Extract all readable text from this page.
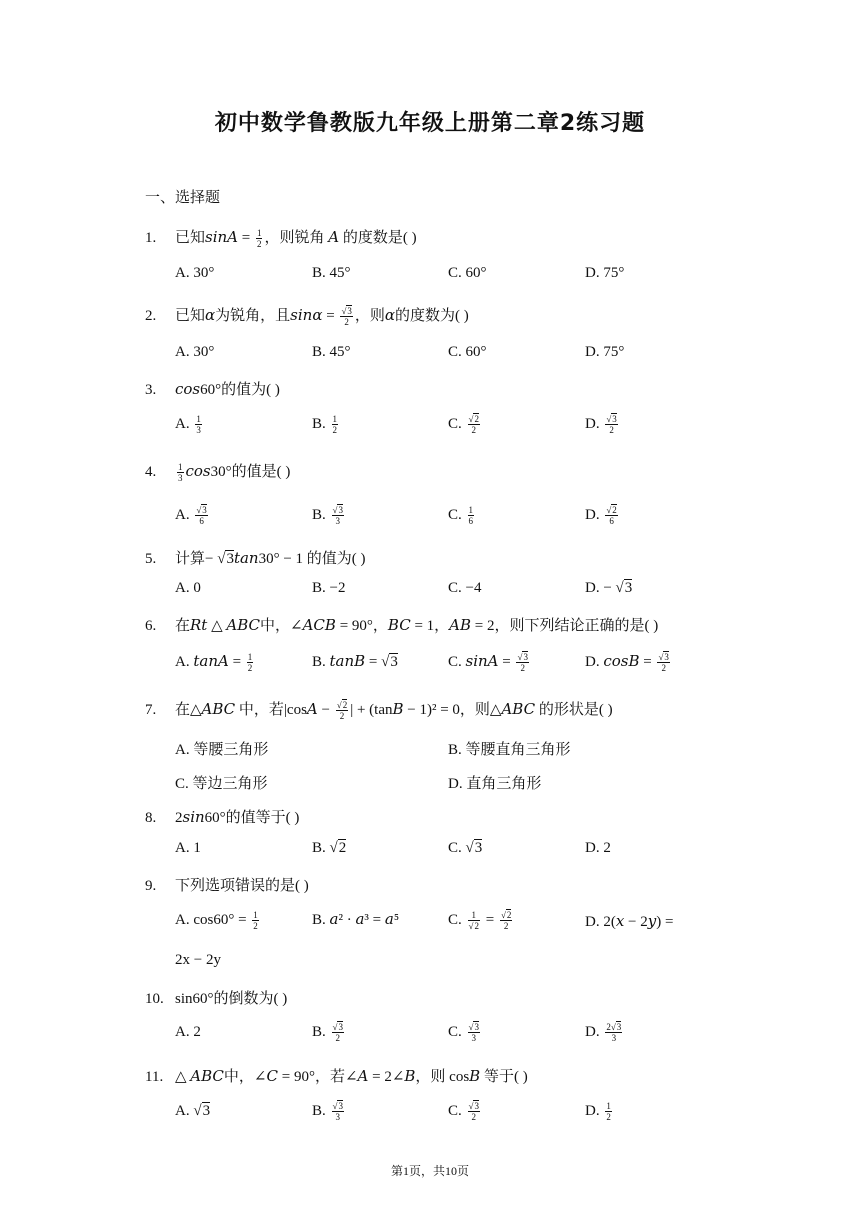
初中数学鲁教版九年级上册第二章2练习题
一、选择题
1. 已知$\sin A = \frac{1}{2}$ ，则锐角 A 的度数是( )
A. 30°	B. 45°	C. 60°	D. 75°
2. 已知α为锐角，且$\sin\alpha = \frac{√3}{2}$ ，则α的度数为( )
A. 30°	B. 45°	C. 60°	D. 75°
3. cos60°的值为( )
A. $\frac{1}{3}$	B. $\frac{1}{2}$	C. $\frac{√2}{2}$	D. $\frac{√3}{2}$
4. $\frac{1}{3} \cos 30^\circ$的值是( )
A. $\frac{√3}{6}$	B. $\frac{√3}{3}$	C. $\frac{1}{6}$	D. $\frac{√2}{6}$
5. 计算− √3tan30° − 1 的值为( )
A. 0	B. −2	C. −4	D. − √3
6. 在Rt △ ABC中，∠ACB = 90°，BC = 1，AB = 2，则下列结论正确的是( )
A. $\tan A = \frac{1}{2}$	B. tanB = √3	C. $\sin A = \frac{√3}{2}$	D. $\cos B = \frac{√3}{2}$
7. 在△ABC 中，若$|\cos A - \frac{√2}{2}$ | + (tanB − 1)² = 0，则△ABC 的形状是( )
A. 等腰三角形	B. 等腰直角三角形
C. 等边三角形	D. 直角三角形
8. 2sin60°的值等于( )
A. 1	B. √2	C. √3	D. 2
9. 下列选项错误的是( )
A. $\cos 60^\circ = \frac{1}{2}$	B. a² · a³ = a⁵	C. $\frac{1}{√2} = \frac{√2}{2}$	D. 2(x − 2y) =
2x − 2y
10. sin60°的倒数为( )
A. 2	B. $\frac{√3}{2}$	C. $\frac{√3}{3}$	D. $\frac{2√3}{3}$
11. △ ABC中，∠C = 90°，若∠A = 2∠B，则 cosB 等于( )
A. √3	B. $\frac{√3}{3}$	C. $\frac{√3}{2}$	D. $\frac{1}{2}$
第1页，共10页
